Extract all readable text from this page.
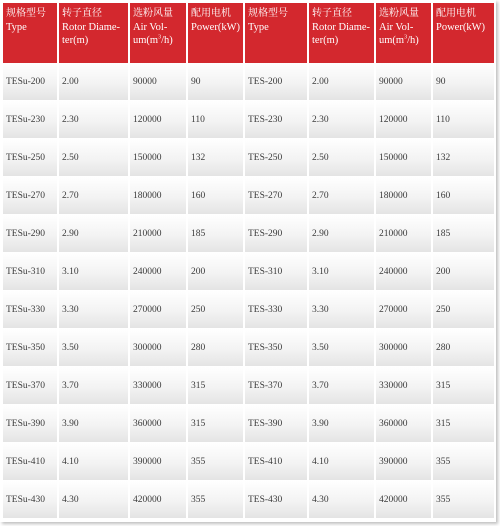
规格型号
Type	转子直径
Rotor Diame-
ter(m)	选粉风量
Air Vol-
$um(m^3/h)$	配用电机
Power(kW)	规格型号
Type	转子直径
Rotor Diame-
ter(m)	选粉风量
Air Vol-
$um(m^3/h)$	配用电机
Power(kW)

TESu-200	2.00	90000	90	TES-200	2.00	90000	90
TESu-230	2.30	120000	110	TES-230	2.30	120000	110
TESu-250	2.50	150000	132	TES-250	2.50	150000	132
TESu-270	2.70	180000	160	TES-270	2.70	180000	160
TESu-290	2.90	210000	185	TES-290	2.90	210000	185
TESu-310	3.10	240000	200	TES-310	3.10	240000	200
TESu-330	3.30	270000	250	TES-330	3.30	270000	250
TESu-350	3.50	300000	280	TES-350	3.50	300000	280
TESu-370	3.70	330000	315	TES-370	3.70	330000	315
TESu-390	3.90	360000	315	TES-390	3.90	360000	315
TESu-410	4.10	390000	355	TES-410	4.10	390000	355
TESu-430	4.30	420000	355	TES-430	4.30	420000	355
